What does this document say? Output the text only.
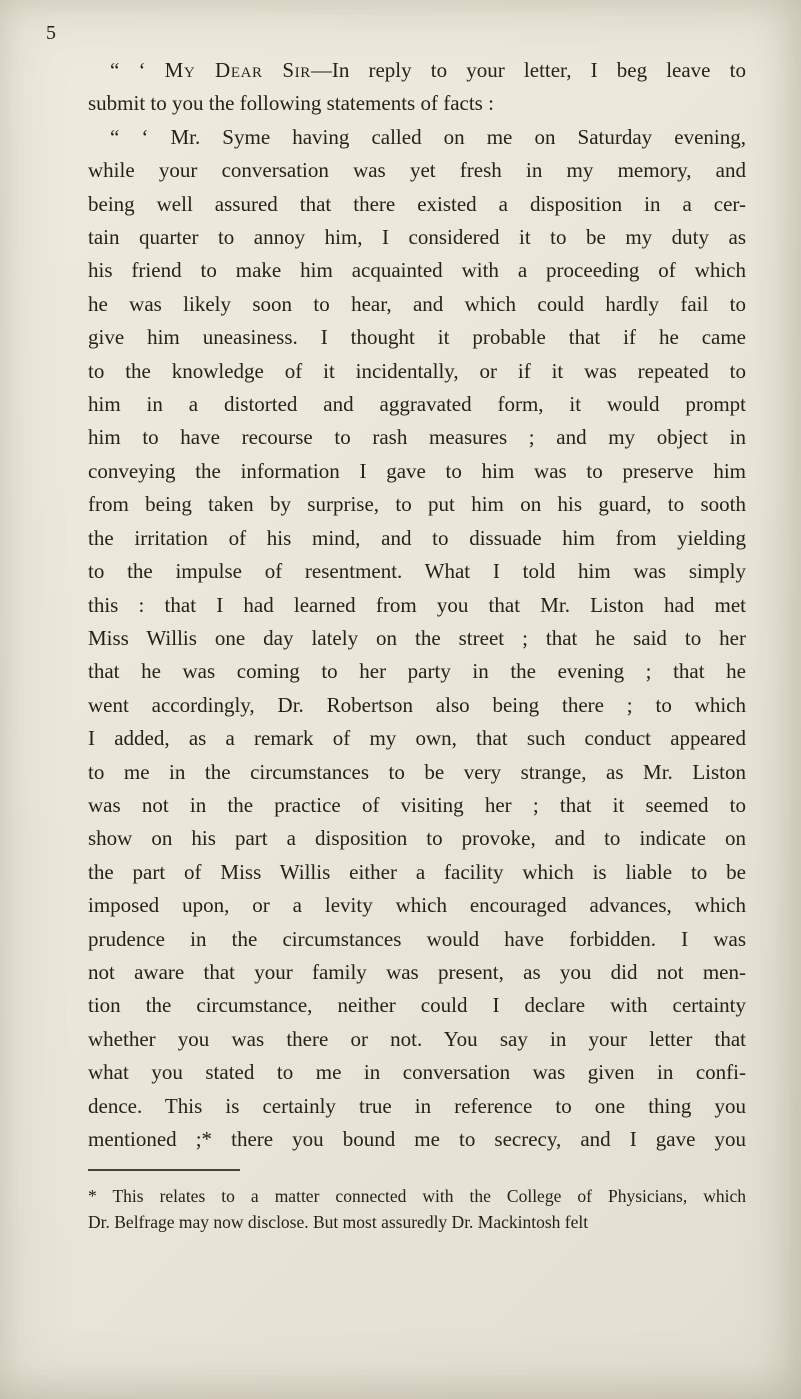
5
“ ‘ My Dear Sir—In reply to your letter, I beg leave to
submit to you the following statements of facts :
“ ‘ Mr. Syme having called on me on Saturday evening,
while your conversation was yet fresh in my memory, and
being well assured that there existed a disposition in a cer-
tain quarter to annoy him, I considered it to be my duty as
his friend to make him acquainted with a proceeding of which
he was likely soon to hear, and which could hardly fail to
give him uneasiness. I thought it probable that if he came
to the knowledge of it incidentally, or if it was repeated to
him in a distorted and aggravated form, it would prompt
him to have recourse to rash measures ; and my object in
conveying the information I gave to him was to preserve him
from being taken by surprise, to put him on his guard, to sooth
the irritation of his mind, and to dissuade him from yielding
to the impulse of resentment. What I told him was simply
this : that I had learned from you that Mr. Liston had met
Miss Willis one day lately on the street ; that he said to her
that he was coming to her party in the evening ; that he
went accordingly, Dr. Robertson also being there ; to which
I added, as a remark of my own, that such conduct appeared
to me in the circumstances to be very strange, as Mr. Liston
was not in the practice of visiting her ; that it seemed to
show on his part a disposition to provoke, and to indicate on
the part of Miss Willis either a facility which is liable to be
imposed upon, or a levity which encouraged advances, which
prudence in the circumstances would have forbidden. I was
not aware that your family was present, as you did not men-
tion the circumstance, neither could I declare with certainty
whether you was there or not. You say in your letter that
what you stated to me in conversation was given in confi-
dence. This is certainly true in reference to one thing you
mentioned ;* there you bound me to secrecy, and I gave you
* This relates to a matter connected with the College of Physicians, which
Dr. Belfrage may now disclose. But most assuredly Dr. Mackintosh felt
